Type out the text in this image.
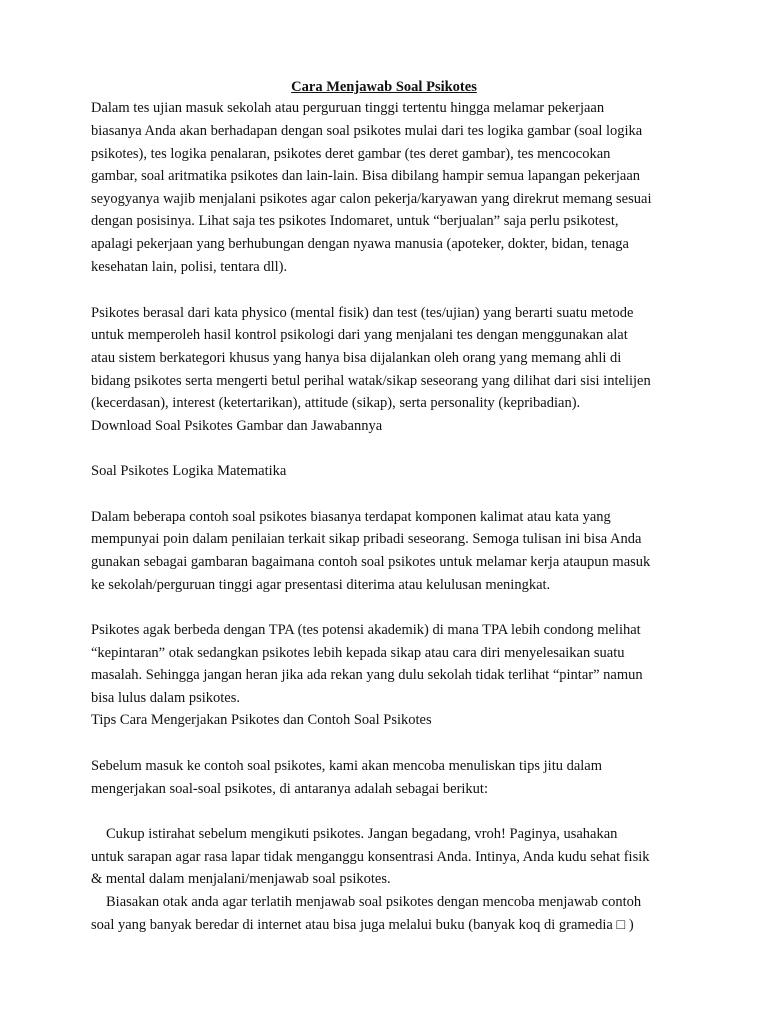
Cara Menjawab Soal Psikotes

Dalam tes ujian masuk sekolah atau perguruan tinggi tertentu hingga melamar pekerjaan

biasanya Anda akan berhadapan dengan soal psikotes mulai dari tes logika gambar (soal logika

psikotes), tes logika penalaran, psikotes deret gambar (tes deret gambar), tes mencocokan

gambar, soal aritmatika psikotes dan lain-lain. Bisa dibilang hampir semua lapangan pekerjaan

seyogyanya wajib menjalani psikotes agar calon pekerja/karyawan yang direkrut memang sesuai

dengan posisinya. Lihat saja tes psikotes Indomaret, untuk “berjualan” saja perlu psikotest,

apalagi pekerjaan yang berhubungan dengan nyawa manusia (apoteker, dokter, bidan, tenaga

kesehatan lain, polisi, tentara dll).

Psikotes berasal dari kata physico (mental fisik) dan test (tes/ujian) yang berarti suatu metode

untuk memperoleh hasil kontrol psikologi dari yang menjalani tes dengan menggunakan alat

atau sistem berkategori khusus yang hanya bisa dijalankan oleh orang yang memang ahli di

bidang psikotes serta mengerti betul perihal watak/sikap seseorang yang dilihat dari sisi intelijen

(kecerdasan), interest (ketertarikan), attitude (sikap), serta personality (kepribadian).

Download Soal Psikotes Gambar dan Jawabannya

Soal Psikotes Logika Matematika

Dalam beberapa contoh soal psikotes biasanya terdapat komponen kalimat atau kata yang

mempunyai poin dalam penilaian terkait sikap pribadi seseorang. Semoga tulisan ini bisa Anda

gunakan sebagai gambaran bagaimana contoh soal psikotes untuk melamar kerja ataupun masuk

ke sekolah/perguruan tinggi agar presentasi diterima atau kelulusan meningkat.

Psikotes agak berbeda dengan TPA (tes potensi akademik) di mana TPA lebih condong melihat

“kepintaran” otak sedangkan psikotes lebih kepada sikap atau cara diri menyelesaikan suatu

masalah. Sehingga jangan heran jika ada rekan yang dulu sekolah tidak terlihat “pintar” namun

bisa lulus dalam psikotes.

Tips Cara Mengerjakan Psikotes dan Contoh Soal Psikotes

Sebelum masuk ke contoh soal psikotes, kami akan mencoba menuliskan tips jitu dalam

mengerjakan soal-soal psikotes, di antaranya adalah sebagai berikut:

Cukup istirahat sebelum mengikuti psikotes. Jangan begadang, vroh! Paginya, usahakan

untuk sarapan agar rasa lapar tidak menganggu konsentrasi Anda. Intinya, Anda kudu sehat fisik

& mental dalam menjalani/menjawab soal psikotes.

Biasakan otak anda agar terlatih menjawab soal psikotes dengan mencoba menjawab contoh

soal yang banyak beredar di internet atau bisa juga melalui buku (banyak koq di gramedia □ )
